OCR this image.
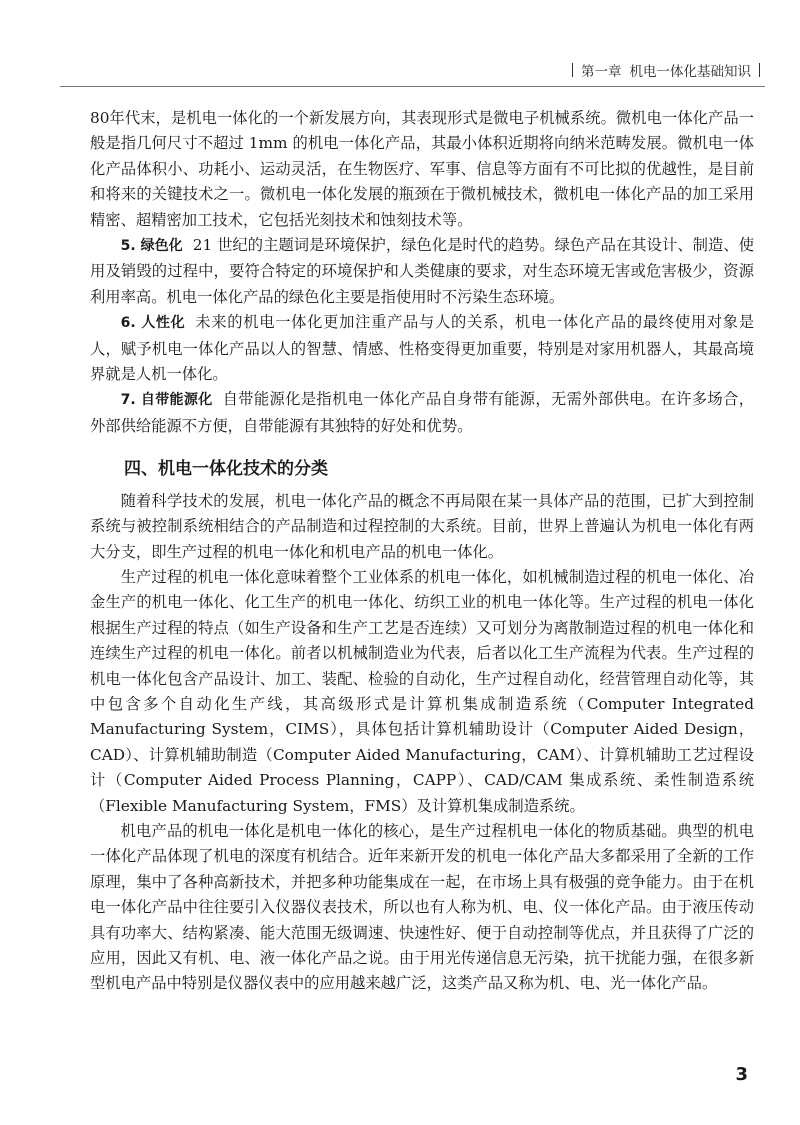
第一章 机电一体化基础知识

80年代末，是机电一体化的一个新发展方向，其表现形式是微电子机械系统。微机电一体化产品一般是指几何尺寸不超过 1mm 的机电一体化产品，其最小体积近期将向纳米范畴发展。微机电一体化产品体积小、功耗小、运动灵活，在生物医疗、军事、信息等方面有不可比拟的优越性，是目前和将来的关键技术之一。微机电一体化发展的瓶颈在于微机械技术，微机电一体化产品的加工采用精密、超精密加工技术，它包括光刻技术和蚀刻技术等。

5. 绿色化 21 世纪的主题词是环境保护，绿色化是时代的趋势。绿色产品在其设计、制造、使用及销毁的过程中，要符合特定的环境保护和人类健康的要求，对生态环境无害或危害极少，资源利用率高。机电一体化产品的绿色化主要是指使用时不污染生态环境。

6. 人性化 未来的机电一体化更加注重产品与人的关系，机电一体化产品的最终使用对象是人，赋予机电一体化产品以人的智慧、情感、性格变得更加重要，特别是对家用机器人，其最高境界就是人机一体化。

7. 自带能源化 自带能源化是指机电一体化产品自身带有能源，无需外部供电。在许多场合，外部供给能源不方便，自带能源有其独特的好处和优势。

四、机电一体化技术的分类

随着科学技术的发展，机电一体化产品的概念不再局限在某一具体产品的范围，已扩大到控制系统与被控制系统相结合的产品制造和过程控制的大系统。目前，世界上普遍认为机电一体化有两大分支，即生产过程的机电一体化和机电产品的机电一体化。

生产过程的机电一体化意味着整个工业体系的机电一体化，如机械制造过程的机电一体化、冶金生产的机电一体化、化工生产的机电一体化、纺织工业的机电一体化等。生产过程的机电一体化根据生产过程的特点（如生产设备和生产工艺是否连续）又可划分为离散制造过程的机电一体化和连续生产过程的机电一体化。前者以机械制造业为代表，后者以化工生产流程为代表。生产过程的机电一体化包含产品设计、加工、装配、检验的自动化，生产过程自动化，经营管理自动化等，其中包含多个自动化生产线，其高级形式是计算机集成制造系统（Computer Integrated Manufacturing System，CIMS），具体包括计算机辅助设计（Computer Aided Design，CAD）、计算机辅助制造（Computer Aided Manufacturing，CAM）、计算机辅助工艺过程设计（Computer Aided Process Planning，CAPP）、CAD/CAM 集成系统、柔性制造系统（Flexible Manufacturing System，FMS）及计算机集成制造系统。

机电产品的机电一体化是机电一体化的核心，是生产过程机电一体化的物质基础。典型的机电一体化产品体现了机电的深度有机结合。近年来新开发的机电一体化产品大多都采用了全新的工作原理，集中了各种高新技术，并把多种功能集成在一起，在市场上具有极强的竞争能力。由于在机电一体化产品中往往要引入仪器仪表技术，所以也有人称为机、电、仪一体化产品。由于液压传动具有功率大、结构紧凑、能大范围无级调速、快速性好、便于自动控制等优点，并且获得了广泛的应用，因此又有机、电、液一体化产品之说。由于用光传递信息无污染，抗干扰能力强，在很多新型机电产品中特别是仪器仪表中的应用越来越广泛，这类产品又称为机、电、光一体化产品。

3
